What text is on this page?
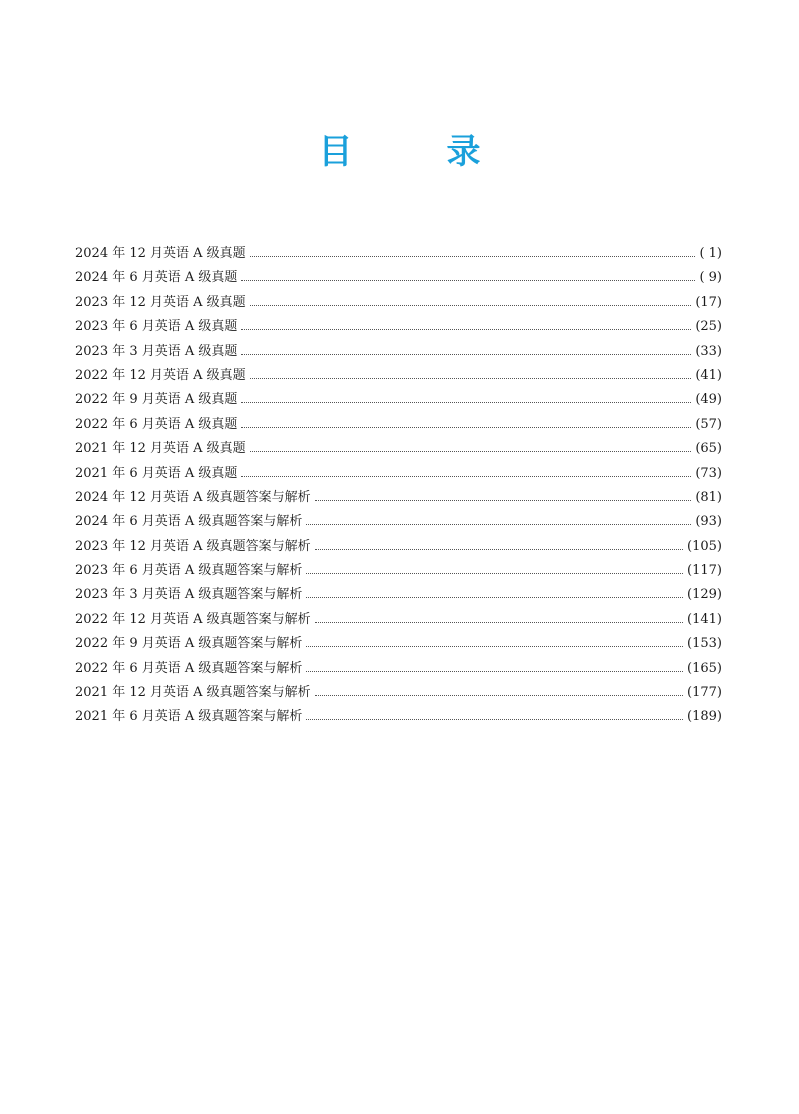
目　录
2024 年 12 月英语 A 级真题	( 1)
2024 年 6 月英语 A 级真题	( 9)
2023 年 12 月英语 A 级真题	(17)
2023 年 6 月英语 A 级真题	(25)
2023 年 3 月英语 A 级真题	(33)
2022 年 12 月英语 A 级真题	(41)
2022 年 9 月英语 A 级真题	(49)
2022 年 6 月英语 A 级真题	(57)
2021 年 12 月英语 A 级真题	(65)
2021 年 6 月英语 A 级真题	(73)
2024 年 12 月英语 A 级真题答案与解析	(81)
2024 年 6 月英语 A 级真题答案与解析	(93)
2023 年 12 月英语 A 级真题答案与解析	(105)
2023 年 6 月英语 A 级真题答案与解析	(117)
2023 年 3 月英语 A 级真题答案与解析	(129)
2022 年 12 月英语 A 级真题答案与解析	(141)
2022 年 9 月英语 A 级真题答案与解析	(153)
2022 年 6 月英语 A 级真题答案与解析	(165)
2021 年 12 月英语 A 级真题答案与解析	(177)
2021 年 6 月英语 A 级真题答案与解析	(189)
